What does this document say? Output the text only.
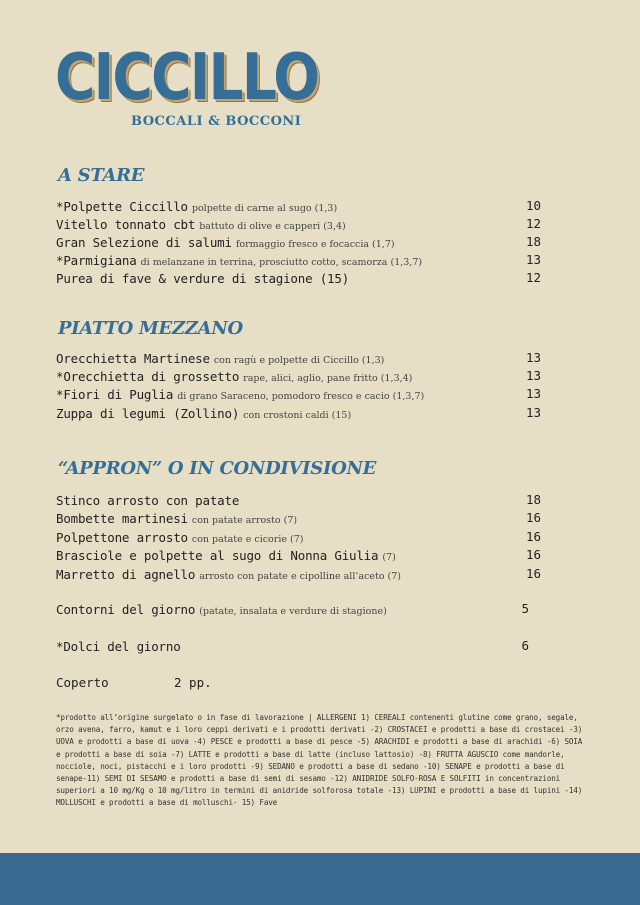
CICCILLO
BOCCALI & BOCCONI
A STARE
*Polpette Ciccillo polpette di carne al sugo (1,3)	10
Vitello tonnato cbt battuto di olive e capperi (3,4)	12
Gran Selezione di salumi formaggio fresco e focaccia (1,7)	18
*Parmigiana di melanzane in terrina, prosciutto cotto, scamorza (1,3,7)	13
Purea di fave & verdure di stagione (15)	12
PIATTO MEZZANO
Orecchietta Martinese con ragù e polpette di Ciccillo (1,3)	13
*Orecchietta di grossetto rape, alici, aglio, pane fritto (1,3,4)	13
*Fiori di Puglia di grano Saraceno, pomodoro fresco e cacio (1,3,7)	13
Zuppa di legumi (Zollino) con crostoni caldi (15)	13
“APPRON” O IN CONDIVISIONE
Stinco arrosto con patate	18
Bombette martinesi con patate arrosto (7)	16
Polpettone arrosto con patate e cicorie (7)	16
Brasciole e polpette al sugo di Nonna Giulia (7)	16
Marretto di agnello arrosto con patate e cipolline all’aceto (7)	16
Contorni del giorno (patate, insalata e verdure di stagione)	5
*Dolci del giorno	6
Coperto	2 pp.
*prodotto all’origine surgelato o in fase di lavorazione | ALLERGENI 1) CEREALI contenenti glutine come grano, segale, orzo avena, farro, kamut e i loro ceppi derivati e i prodotti derivati -2) CROSTACEI e prodotti a base di crostacei -3) UOVA e prodotti a base di uova -4) PESCE e prodotti a base di pesce -5) ARACHIDI e prodotti a base di arachidi -6) SOIA e prodotti a base di soia -7) LATTE e prodotti a base di latte (incluso lattosio) -8) FRUTTA AGUSCIO come mandorle, nocciole, noci, pistacchi e i loro prodotti -9) SEDANO e prodotti a base di sedano -10) SENAPE e prodotti a base di senape-11) SEMI DI SESAMO e prodotti a base di semi di sesamo -12) ANIDRIDE SOLFO-ROSA E SOLFITI in concentrazioni superiori a 10 mg/Kg o 10 mg/litro in termini di anidride solforosa totale -13) LUPINI e prodotti a base di lupini -14) MOLLUSCHI e prodotti a base di molluschi- 15) Fave
